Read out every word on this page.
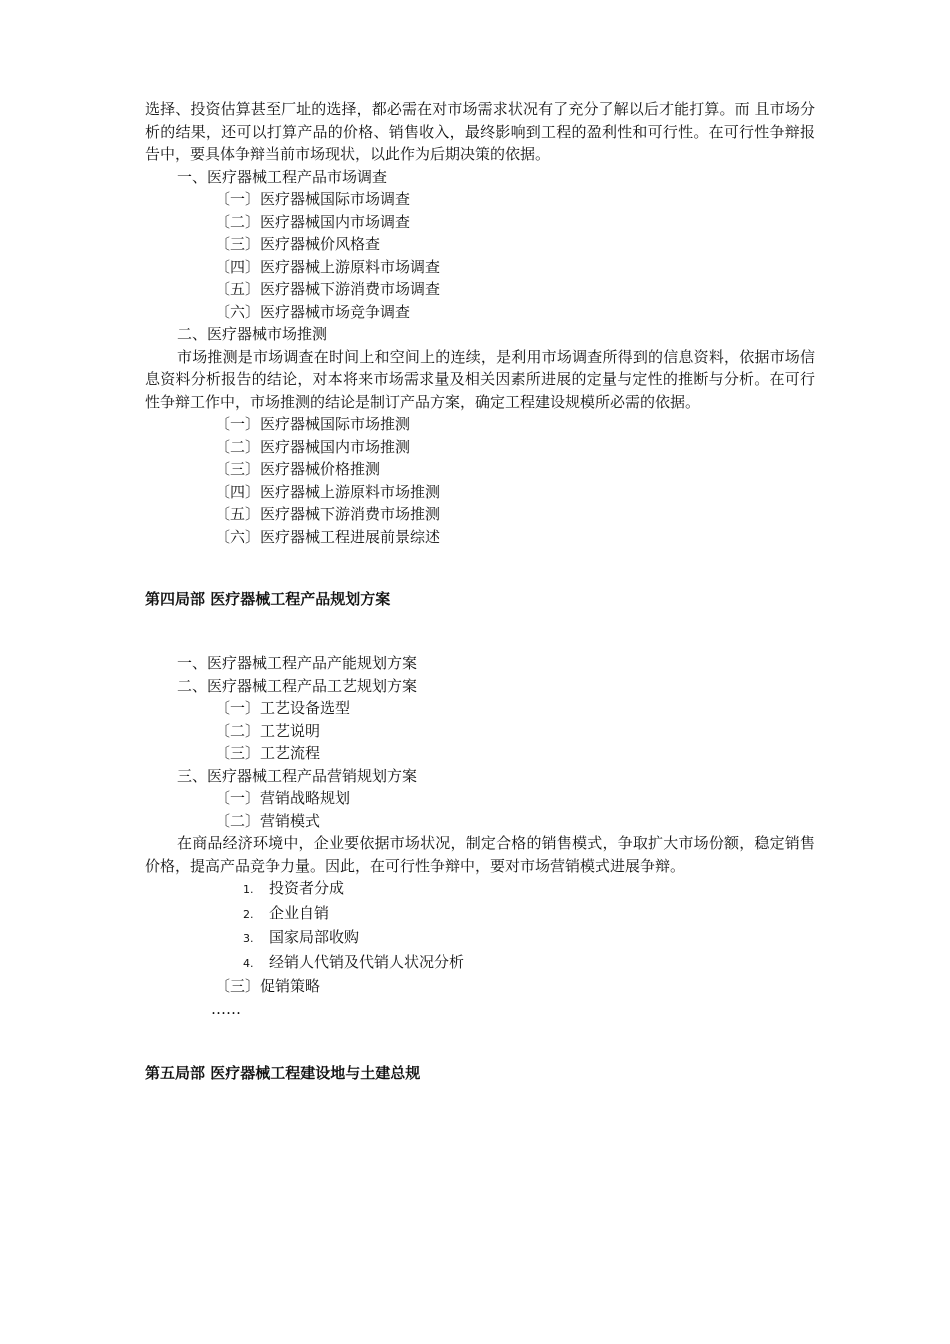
选择、投资估算甚至厂址的选择，都必需在对市场需求状况有了充分了解以后才能打算。而 且市场分析的结果，还可以打算产品的价格、销售收入，最终影响到工程的盈利性和可行性。在可行性争辩报告中，要具体争辩当前市场现状，以此作为后期决策的依据。

一、医疗器械工程产品市场调查

〔一〕医疗器械国际市场调查

〔二〕医疗器械国内市场调查

〔三〕医疗器械价风格查

〔四〕医疗器械上游原料市场调查

〔五〕医疗器械下游消费市场调查

〔六〕医疗器械市场竞争调查

二、医疗器械市场推测

市场推测是市场调查在时间上和空间上的连续，是利用市场调查所得到的信息资料，依据市场信息资料分析报告的结论，对本将来市场需求量及相关因素所进展的定量与定性的推断与分析。在可行性争辩工作中，市场推测的结论是制订产品方案，确定工程建设规模所必需的依据。

〔一〕医疗器械国际市场推测

〔二〕医疗器械国内市场推测

〔三〕医疗器械价格推测

〔四〕医疗器械上游原料市场推测

〔五〕医疗器械下游消费市场推测

〔六〕医疗器械工程进展前景综述

第四局部 医疗器械工程产品规划方案

一、医疗器械工程产品产能规划方案

二、医疗器械工程产品工艺规划方案

〔一〕工艺设备选型

〔二〕工艺说明

〔三〕工艺流程

三、医疗器械工程产品营销规划方案

〔一〕营销战略规划

〔二〕营销模式

在商品经济环境中，企业要依据市场状况，制定合格的销售模式，争取扩大市场份额，稳定销售价格，提高产品竞争力量。因此，在可行性争辩中，要对市场营销模式进展争辩。

1. 投资者分成

2. 企业自销

3. 国家局部收购

4. 经销人代销及代销人状况分析

〔三〕促销策略

……

第五局部 医疗器械工程建设地与土建总规
